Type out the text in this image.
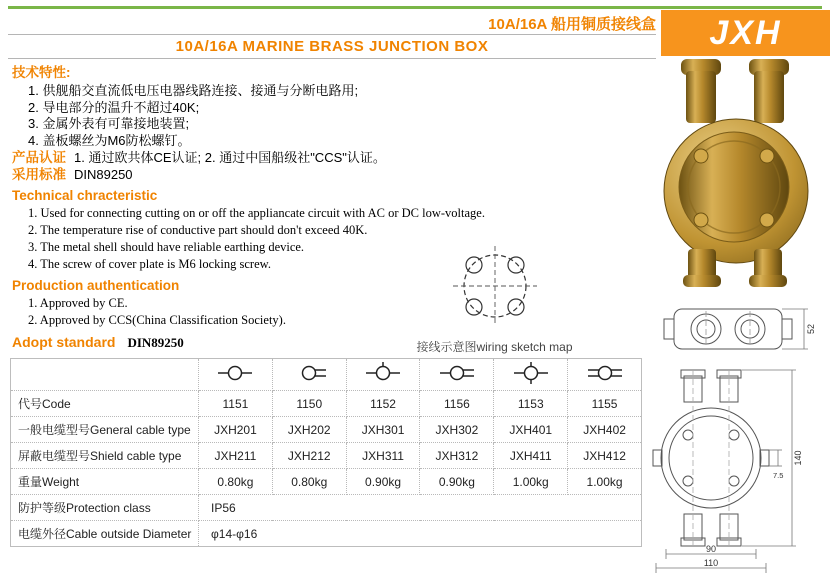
10A/16A 船用铜质接线盒	JXH
10A/16A MARINE BRASS JUNCTION BOX
技术特性:
1. 供舰船交直流低电压电器线路连接、接通与分断电路用;
2. 导电部分的温升不超过40K;
3. 金属外表有可靠接地装置;
4. 盖板螺丝为M6防松螺钉。
产品认证 1. 通过欧共体CE认证; 2. 通过中国船级社"CCS"认证。
采用标准 DIN89250
Technical chracteristic
1. Used for connecting cutting on or off the appliancate circuit with AC or DC low-voltage.
2. The temperature rise of conductive part should don't exceed 40K.
3. The metal shell should have reliable earthing device.
4. The screw of cover plate is M6 locking screw.
Production authentication
1. Approved by CE.
2. Approved by CCS(China Classification Society).
Adopt standard DIN89250	接线示意图wiring sketch map

代号Code	1151	1150	1152	1156	1153	1155
一般电缆型号General cable type	JXH201	JXH202	JXH301	JXH302	JXH401	JXH402
屏蔽电缆型号Shield cable type	JXH211	JXH212	JXH311	JXH312	JXH411	JXH412
重量Weight	0.80kg	0.80kg	0.90kg	0.90kg	1.00kg	1.00kg
防护等级Protection class	IP56					
电缆外径Cable outside Diameter	φ14-φ16					
52
140
7.5
90
110
